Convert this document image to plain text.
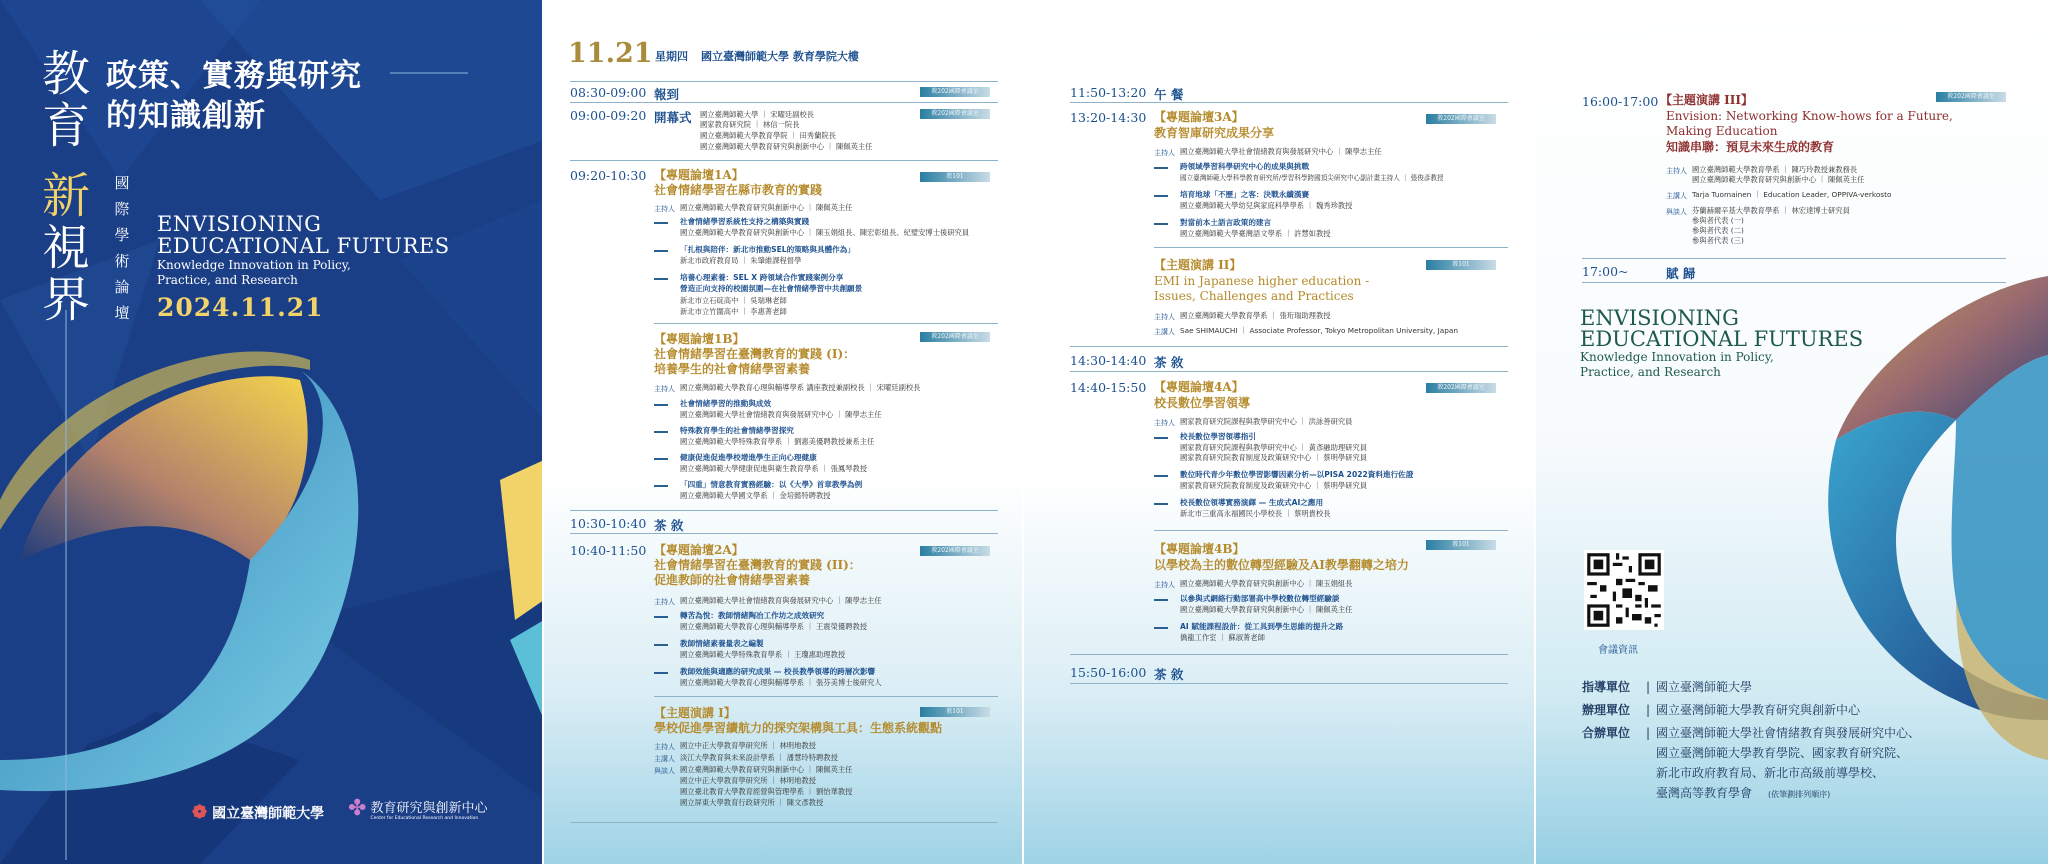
教
育
新
視
界
政策、實務與研究
的知識創新
國際學術論壇
ENVISIONING
EDUCATIONAL FUTURES
Knowledge Innovation in Policy,
Practice, and Research
2024.11.21
❁ 國立臺灣師範大學 ✤ 教育研究與創新中心
Center for Educational Research and Innovation
11.21 星期四 國立臺灣師範大學 教育學院大樓
08:30-09:00 報到	教202國際會議室
09:00-09:20 開幕式	教202國際會議室
國立臺灣師範大學 ｜ 宋曜廷副校長
國家教育研究院 ｜ 林信一院長
國立臺灣師範大學教育學院 ｜ 田秀蘭院長
國立臺灣師範大學教育研究與創新中心 ｜ 陳佩英主任
09:20-10:30	教101
【專題論壇1A】
社會情緒學習在縣市教育的實踐
主持人 國立臺灣師範大學教育研究與創新中心 ｜ 陳佩英主任
社會情緒學習系統性支持之構築與實踐
國立臺灣師範大學教育研究與創新中心 ｜ 陳玉娟組長、陳宏彰組長、紀璧安博士後研究員
「扎根與陪伴：新北市推動SEL的策略與具體作為」
新北市政府教育局 ｜ 朱肇維課程督學
培養心理素養：SEL X 跨領域合作實踐案例分享
營造正向支持的校園氛圍—在社會情緒學習中共創願景
新北市立石碇高中 ｜ 吳瑞琳老師
新北市立竹圍高中 ｜ 李惠菁老師
教202國際會議室
【專題論壇1B】
社會情緒學習在臺灣教育的實踐 (I)：
培養學生的社會情緒學習素養
主持人 國立臺灣師範大學教育心理與輔導學系 講座教授兼副校長 ｜ 宋曜廷副校長
社會情緒學習的推動與成效
國立臺灣師範大學社會情緒教育與發展研究中心 ｜ 陳學志主任
特殊教育學生的社會情緒學習探究
國立臺灣師範大學特殊教育學系 ｜ 劉惠美優聘教授兼系主任
健康促進促進學校增進學生正向心理健康
國立臺灣師範大學健康促進與衛生教育學系 ｜ 張鳳琴教授
「四重」情意教育實務經驗：以《大學》首章教學為例
國立臺灣師範大學國文學系 ｜ 金培懿特聘教授
10:30-10:40 茶 敘
10:40-11:50	教202國際會議室
【專題論壇2A】
社會情緒學習在臺灣教育的實踐 (II)：
促進教師的社會情緒學習素養
主持人 國立臺灣師範大學社會情緒教育與發展研究中心 ｜ 陳學志主任
轉苦為悅：教師情緒陶冶工作坊之成效研究
國立臺灣師範大學教育心理與輔導學系 ｜ 王震榮優聘教授
教師情緒素養量表之編製
國立臺灣師範大學特殊教育學系 ｜ 王瓊惠助理教授
教師效能與適應的研究成果 — 校長教學領導的跨層次影響
國立臺灣師範大學教育心理與輔導學系 ｜ 張芬美博士後研究人
教101
【主題演講 I】
學校促進學習續航力的探究架構與工具：生態系統觀點
主持人 國立中正大學教育學研究所 ｜ 林明地教授
主講人 淡江大學教育與未來設計學系 ｜ 潘慧玲特聘教授
與談人 國立臺灣師範大學教育研究與創新中心 ｜ 陳佩英主任
國立中正大學教育學研究所 ｜ 林明地教授
國立臺北教育大學教育經營與管理學系 ｜ 劉怡華教授
國立屏東大學教育行政研究所 ｜ 陳文彥教授
11:50-13:20 午 餐
13:20-14:30	教202國際會議室
【專題論壇3A】
教育智庫研究成果分享
主持人 國立臺灣師範大學社會情緒教育與發展研究中心 ｜ 陳學志主任
跨領域學習科學研究中心的成果與挑戰
國立臺灣師範大學科學教育研究所/學習科學跨國頂尖研究中心副計畫主持人 ｜ 張俊彥教授
培育地球「不歷」之客：決戰永續漢賽
國立臺灣師範大學幼兒與家庭科學學系 ｜ 魏秀珍教授
對當前本土語言政策的建言
國立臺灣師範大學臺灣語文學系 ｜ 許慧如教授
教101
【主題演講 II】
EMI in Japanese higher education -
Issues, Challenges and Practices
主持人 國立臺灣師範大學教育學系 ｜ 張珩瑞助理教授
主講人 Sae SHIMAUCHI ｜ Associate Professor, Tokyo Metropolitan University, Japan
14:30-14:40 茶 敘
14:40-15:50	教202國際會議室
【專題論壇4A】
校長數位學習領導
主持人 國家教育研究院課程與教學研究中心 ｜ 洪詠善研究員
校長數位學習領導指引
國家教育研究院課程與教學研究中心 ｜ 黃彥融助理研究員
國家教育研究院教育制度及政策研究中心 ｜ 蔡明學研究員
數位時代青少年數位學習影響因素分析—以PISA 2022資料進行佐證
國家教育研究院教育制度及政策研究中心 ｜ 蔡明學研究員
校長數位領導實務演繹 — 生成式AI之應用
新北市三重高永福國民小學校長 ｜ 蔡明貴校長
教101
【專題論壇4B】
以學校為主的數位轉型經驗及AI教學翻轉之培力
主持人 國立臺灣師範大學教育研究與創新中心 ｜ 陳玉娟組長
以參與式網絡行動部署高中學校數位轉型經驗談
國立臺灣師範大學教育研究與創新中心 ｜ 陳佩英主任
AI 賦能課程設計：從工具到學生思維的提升之路
僑龍工作室 ｜ 蘇淑菁老師
15:50-16:00 茶 敘
16:00-17:00	教202國際會議室
【主題演講 III】
Envision: Networking Know-hows for a Future,
Making Education
知識串聯：預見未來生成的教育
主持人 國立臺灣師範大學教育學系 ｜ 陳巧玲教授兼教務長
國立臺灣師範大學教育研究與創新中心 ｜ 陳佩英主任
主講人 Tarja Tuomainen ｜ Education Leader, OPPIVA-verkosto
與談人 芬蘭赫爾辛基大學教育學系 ｜ 林宏達博士研究員
參與者代表 (一)
參與者代表 (二)
參與者代表 (三)
17:00~	賦 歸
ENVISIONING
EDUCATIONAL FUTURES
Knowledge Innovation in Policy,
Practice, and Research
會議資訊
指導單位 | 國立臺灣師範大學
辦理單位 | 國立臺灣師範大學教育研究與創新中心
合辦單位 | 國立臺灣師範大學社會情緒教育與發展研究中心、
國立臺灣師範大學教育學院、國家教育研究院、
新北市政府教育局、新北市高級前導學校、
臺灣高等教育學會 (依筆劃排列順序)
